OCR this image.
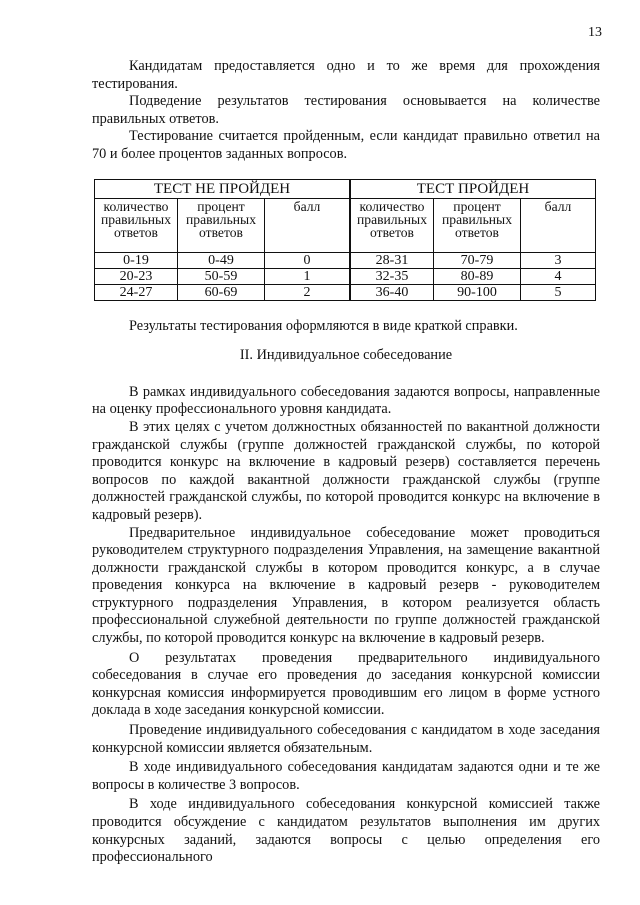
13

Кандидатам предоставляется одно и то же время для прохождения тестирования.

Подведение результатов тестирования основывается на количестве правильных ответов.

Тестирование считается пройденным, если кандидат правильно ответил на 70 и более процентов заданных вопросов.

ТЕСТ НЕ ПРОЙДЕН			ТЕСТ ПРОЙДЕН		
количество правильных ответов	процент правильных ответов	балл	количество правильных ответов	процент правильных ответов	балл
0-19	0-49	0	28-31	70-79	3
20-23	50-59	1	32-35	80-89	4
24-27	60-69	2	36-40	90-100	5

Результаты тестирования оформляются в виде краткой справки.

II. Индивидуальное собеседование

В рамках индивидуального собеседования задаются вопросы, направленные на оценку профессионального уровня кандидата.

В этих целях с учетом должностных обязанностей по вакантной должности гражданской службы (группе должностей гражданской службы, по которой проводится конкурс на включение в кадровый резерв) составляется перечень вопросов по каждой вакантной должности гражданской службы (группе должностей гражданской службы, по которой проводится конкурс на включение в кадровый резерв).

Предварительное индивидуальное собеседование может проводиться руководителем структурного подразделения Управления, на замещение вакантной должности гражданской службы в котором проводится конкурс, а в случае проведения конкурса на включение в кадровый резерв - руководителем структурного подразделения Управления, в котором реализуется область профессиональной служебной деятельности по группе должностей гражданской службы, по которой проводится конкурс на включение в кадровый резерв.

О результатах проведения предварительного индивидуального собеседования в случае его проведения до заседания конкурсной комиссии конкурсная комиссия информируется проводившим его лицом в форме устного доклада в ходе заседания конкурсной комиссии.

Проведение индивидуального собеседования с кандидатом в ходе заседания конкурсной комиссии является обязательным.

В ходе индивидуального собеседования кандидатам задаются одни и те же вопросы в количестве 3 вопросов.

В ходе индивидуального собеседования конкурсной комиссией также проводится обсуждение с кандидатом результатов выполнения им других конкурсных заданий, задаются вопросы с целью определения его профессионального
